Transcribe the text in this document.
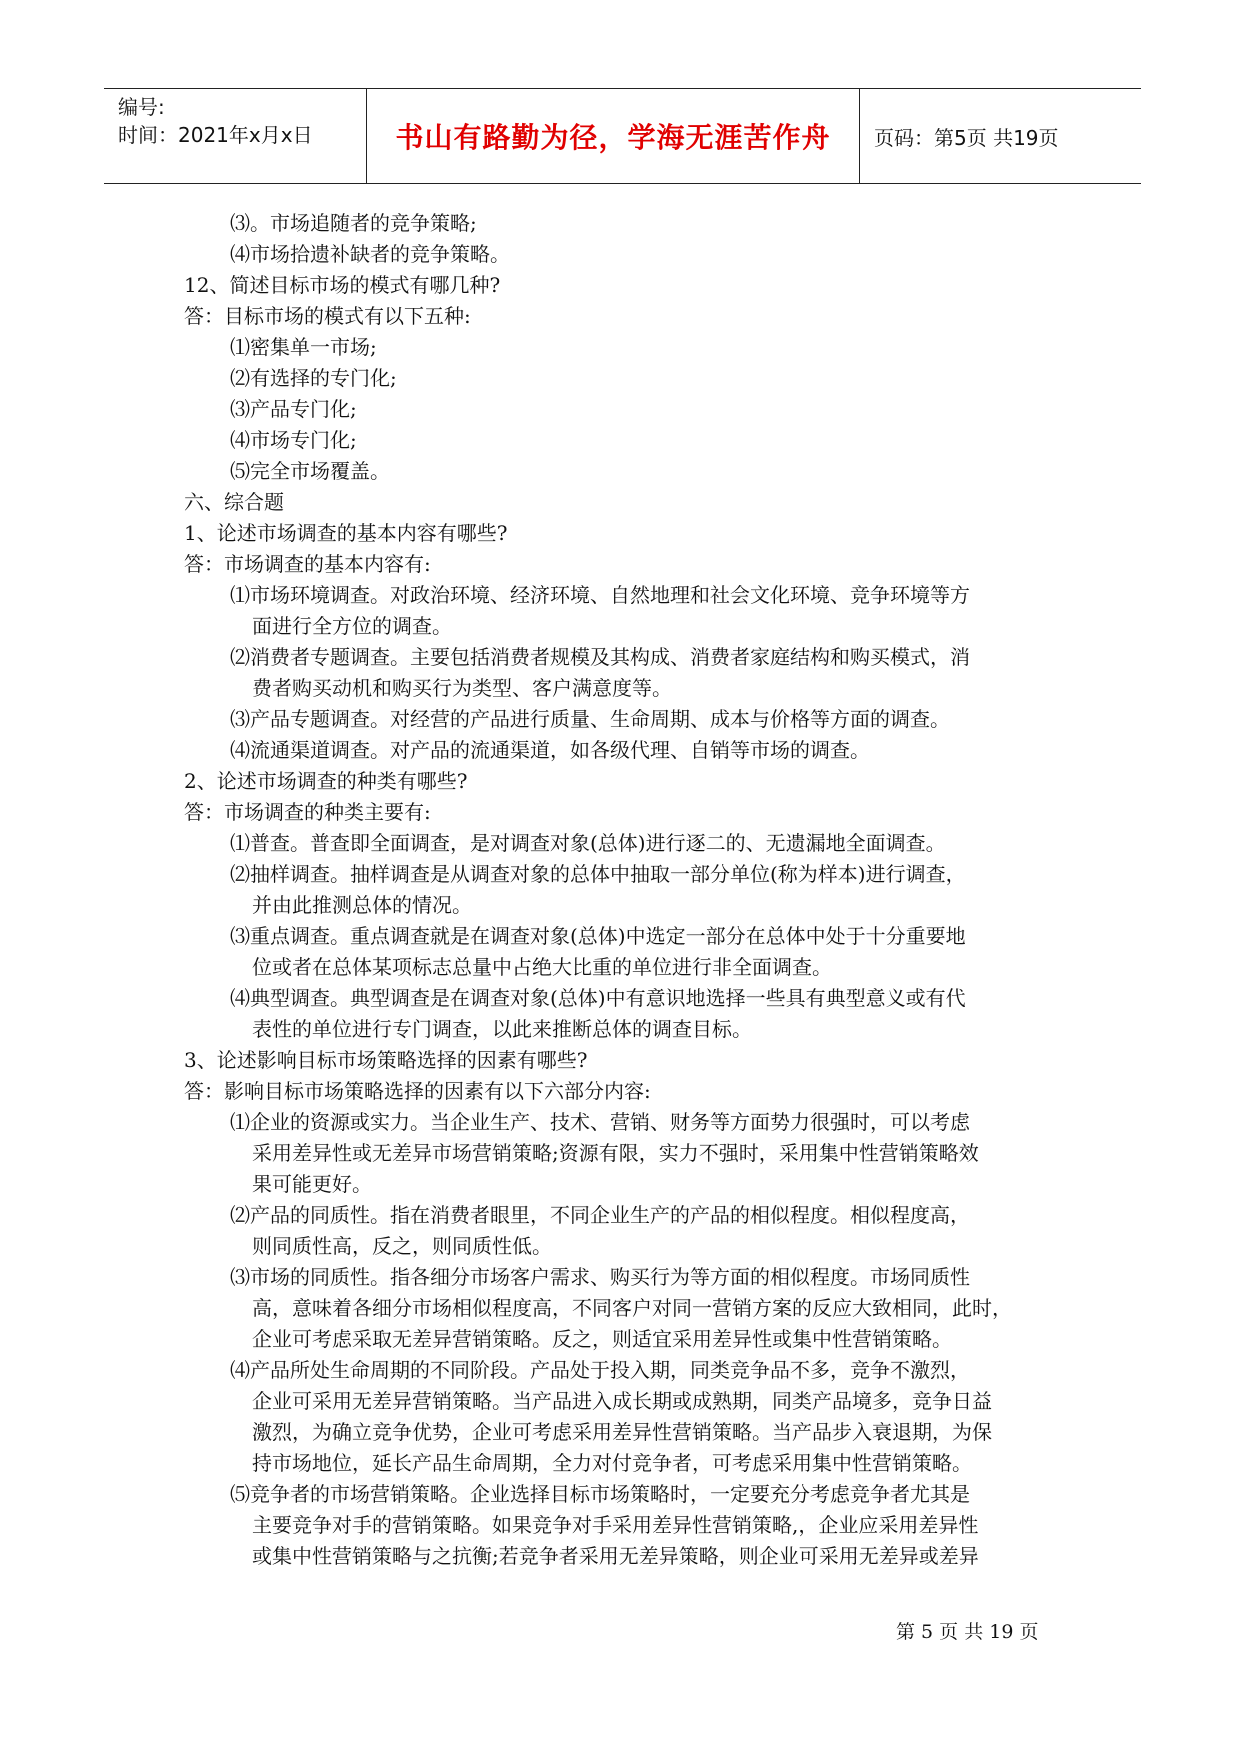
编号:
时间：2021年x月x日	书山有路勤为径，学海无涯苦作舟 页码：第5页 共19页
⑶。市场追随者的竞争策略;
⑷市场拾遗补缺者的竞争策略。
12、简述目标市场的模式有哪几种?
答：目标市场的模式有以下五种:
⑴密集单一市场;
⑵有选择的专门化;
⑶产品专门化;
⑷市场专门化;
⑸完全市场覆盖。
六、综合题
1、论述市场调查的基本内容有哪些?
答：市场调查的基本内容有:
⑴市场环境调查。对政治环境、经济环境、自然地理和社会文化环境、竞争环境等方
面进行全方位的调查。
⑵消费者专题调查。主要包括消费者规模及其构成、消费者家庭结构和购买模式，消
费者购买动机和购买行为类型、客户满意度等。
⑶产品专题调查。对经营的产品进行质量、生命周期、成本与价格等方面的调查。
⑷流通渠道调查。对产品的流通渠道，如各级代理、自销等市场的调查。
2、论述市场调查的种类有哪些?
答：市场调查的种类主要有:
⑴普查。普查即全面调查，是对调查对象(总体)进行逐二的、无遗漏地全面调查。
⑵抽样调查。抽样调查是从调查对象的总体中抽取一部分单位(称为样本)进行调查，
并由此推测总体的情况。
⑶重点调查。重点调查就是在调查对象(总体)中选定一部分在总体中处于十分重要地
位或者在总体某项标志总量中占绝大比重的单位进行非全面调查。
⑷典型调查。典型调查是在调查对象(总体)中有意识地选择一些具有典型意义或有代
表性的单位进行专门调查，以此来推断总体的调查目标。
3、论述影响目标市场策略选择的因素有哪些?
答：影响目标市场策略选择的因素有以下六部分内容:
⑴企业的资源或实力。当企业生产、技术、营销、财务等方面势力很强时，可以考虑
采用差异性或无差异市场营销策略;资源有限，实力不强时，采用集中性营销策略效
果可能更好。
⑵产品的同质性。指在消费者眼里，不同企业生产的产品的相似程度。相似程度高，
则同质性高，反之，则同质性低。
⑶市场的同质性。指各细分市场客户需求、购买行为等方面的相似程度。市场同质性
高，意味着各细分市场相似程度高，不同客户对同一营销方案的反应大致相同，此时，
企业可考虑采取无差异营销策略。反之，则适宜采用差异性或集中性营销策略。
⑷产品所处生命周期的不同阶段。产品处于投入期，同类竞争品不多，竞争不激烈，
企业可采用无差异营销策略。当产品进入成长期或成熟期，同类产品境多，竞争日益
激烈，为确立竞争优势，企业可考虑采用差异性营销策略。当产品步入衰退期，为保
持市场地位，延长产品生命周期，全力对付竞争者，可考虑采用集中性营销策略。
⑸竞争者的市场营销策略。企业选择目标市场策略时，一定要充分考虑竞争者尤其是
主要竞争对手的营销策略。如果竞争对手采用差异性营销策略,，企业应采用差异性
或集中性营销策略与之抗衡;若竞争者采用无差异策略，则企业可采用无差异或差异
第 5 页 共 19 页
